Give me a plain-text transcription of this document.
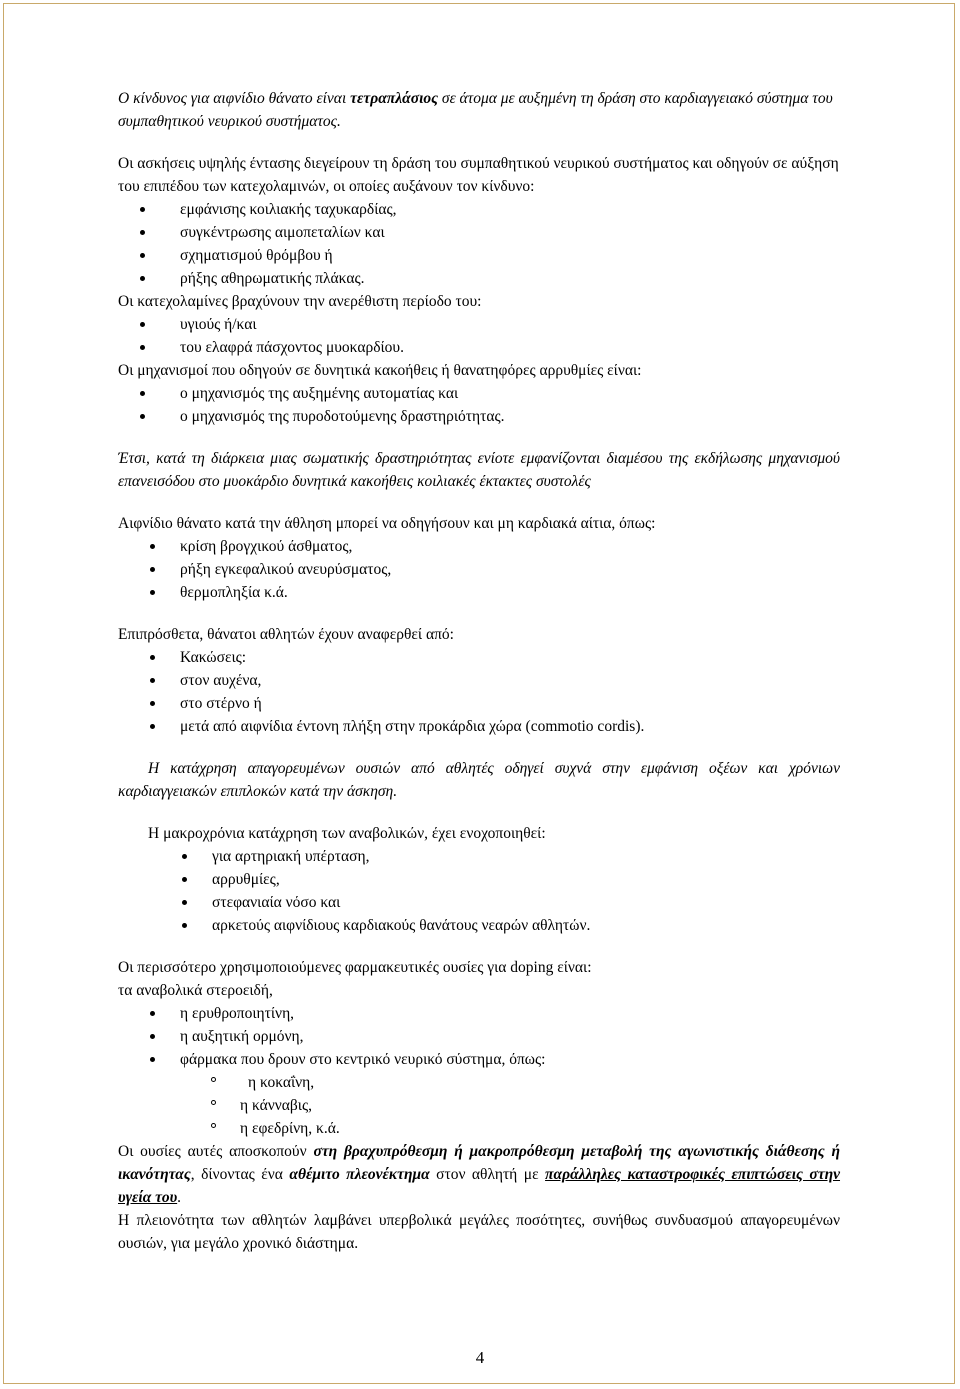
Ο κίνδυνος για αιφνίδιο θάνατο είναι τετραπλάσιος σε άτομα με αυξημένη τη δράση στο καρδιαγγειακό σύστημα του συμπαθητικού νευρικού συστήματος.

Οι ασκήσεις υψηλής έντασης διεγείρουν τη δράση του συμπαθητικού νευρικού συστήματος και οδηγούν σε αύξηση του επιπέδου των κατεχολαμινών, οι οποίες αυξάνουν τον κίνδυνο:

εμφάνισης κοιλιακής ταχυκαρδίας,
συγκέντρωσης αιμοπεταλίων και
σχηματισμού θρόμβου ή
ρήξης αθηρωματικής πλάκας.

Οι κατεχολαμίνες βραχύνουν την ανερέθιστη περίοδο του:

υγιούς ή/και
του ελαφρά πάσχοντος μυοκαρδίου.

Οι μηχανισμοί που οδηγούν σε δυνητικά κακοήθεις ή θανατηφόρες αρρυθμίες είναι:

ο μηχανισμός της αυξημένης αυτοματίας και
ο μηχανισμός της πυροδοτούμενης δραστηριότητας.

Έτσι, κατά τη διάρκεια μιας σωματικής δραστηριότητας ενίοτε εμφανίζονται διαμέσου της εκδήλωσης μηχανισμού επανεισόδου στο μυοκάρδιο δυνητικά κακοήθεις κοιλιακές έκτακτες συστολές

Αιφνίδιο θάνατο κατά την άθληση μπορεί να οδηγήσουν και μη καρδιακά αίτια, όπως:

κρίση βρογχικού άσθματος,
ρήξη εγκεφαλικού ανευρύσματος,
θερμοπληξία κ.ά.

Επιπρόσθετα, θάνατοι αθλητών έχουν αναφερθεί από:

Κακώσεις:
στον αυχένα,
στο στέρνο ή
μετά από αιφνίδια έντονη πλήξη στην προκάρδια χώρα (commotio cordis).

Η κατάχρηση απαγορευμένων ουσιών από αθλητές οδηγεί συχνά στην εμφάνιση οξέων και χρόνιων καρδιαγγειακών επιπλοκών κατά την άσκηση.

Η μακροχρόνια κατάχρηση των αναβολικών, έχει ενοχοποιηθεί:

για αρτηριακή υπέρταση,
αρρυθμίες,
στεφανιαία νόσο και
αρκετούς αιφνίδιους καρδιακούς θανάτους νεαρών αθλητών.

Οι περισσότερο χρησιμοποιούμενες φαρμακευτικές ουσίες για doping είναι:

τα αναβολικά στεροειδή,

η ερυθροποιητίνη,
η αυξητική ορμόνη,
φάρμακα που δρουν στο κεντρικό νευρικό σύστημα, όπως:
η κοκαΐνη,
η κάνναβις,
η εφεδρίνη, κ.ά.

Οι ουσίες αυτές αποσκοπούν στη βραχυπρόθεσμη ή μακροπρόθεσμη μεταβολή της αγωνιστικής διάθεσης ή ικανότητας, δίνοντας ένα αθέμιτο πλεονέκτημα στον αθλητή με παράλληλες καταστροφικές επιπτώσεις στην υγεία του.

Η πλειονότητα των αθλητών λαμβάνει υπερβολικά μεγάλες ποσότητες, συνήθως συνδυασμού απαγορευμένων ουσιών, για μεγάλο χρονικό διάστημα.

4
